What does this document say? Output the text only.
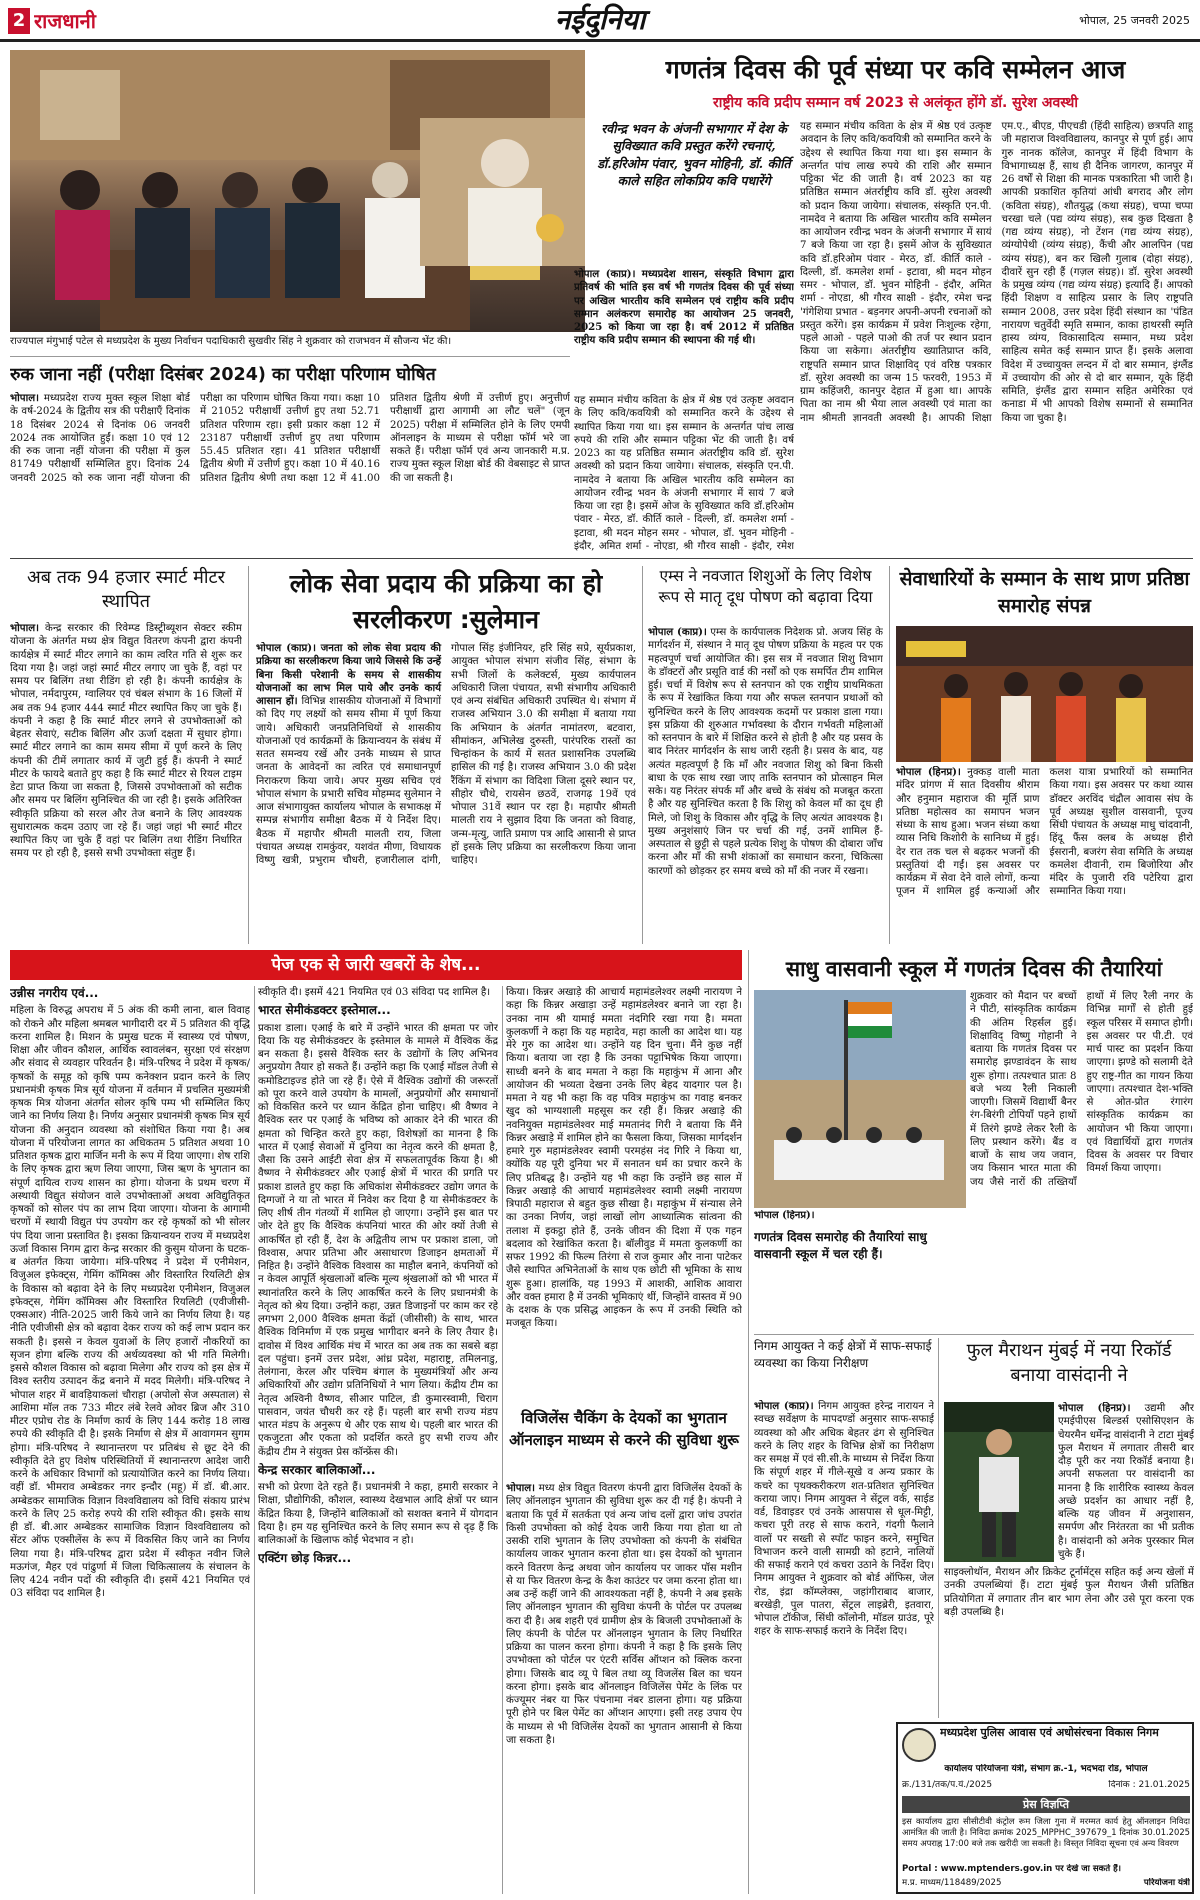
2 राजधानी	नईदुनिया	भोपाल, 25 जनवरी 2025
राज्यपाल मंगुभाई पटेल से मध्यप्रदेश के मुख्य निर्वाचन पदाधिकारी सुखवीर सिंह ने शुक्रवार को राजभवन में सौजन्य भेंट की।
गणतंत्र दिवस की पूर्व संध्या पर कवि सम्मेलन आज
राष्ट्रीय कवि प्रदीप सम्मान वर्ष 2023 से अलंकृत होंगे डॉ. सुरेश अवस्थी
रवीन्द्र भवन के अंजनी सभागार में देश के सुविख्यात कवि प्रस्तुत करेंगे रचनाएं, डॉ.हरिओम पंवार, भुवन मोहिनी, डॉ. कीर्ति काले सहित लोकप्रिय कवि पधारेंगे
भोपाल (काप्र)। मध्यप्रदेश शासन, संस्कृति विभाग द्वारा प्रतिवर्ष की भांति इस वर्ष भी गणतंत्र दिवस की पूर्व संध्या पर अखिल भारतीय कवि सम्मेलन एवं राष्ट्रीय कवि प्रदीप सम्मान अलंकरण समारोह का आयोजन 25 जनवरी, 2025 को किया जा रहा है। वर्ष 2012 में प्रतिष्ठित राष्ट्रीय कवि प्रदीप सम्मान की स्थापना की गई थी।
यह सम्मान मंचीय कविता के क्षेत्र में श्रेष्ठ एवं उत्कृष्ट अवदान के लिए कवि/कवयित्री को सम्मानित करने के उद्देश्य से स्थापित किया गया था। इस सम्मान के अन्तर्गत पांच लाख रुपये की राशि और सम्मान पट्टिका भेंट की जाती है। वर्ष 2023 का यह प्रतिष्ठित सम्मान अंतर्राष्ट्रीय कवि डॉ. सुरेश अवस्थी को प्रदान किया जायेगा। संचालक, संस्कृति एन.पी. नामदेव ने बताया कि अखिल भारतीय कवि सम्मेलन का आयोजन रवीन्द्र भवन के अंजनी सभागार में सायं 7 बजे किया जा रहा है। इसमें ओज के सुविख्यात कवि डॉ.हरिओम पंवार - मेरठ, डॉ. कीर्ति काले - दिल्ली, डॉ. कमलेश शर्मा - इटावा, श्री मदन मोहन समर - भोपाल, डॉ. भुवन मोहिनी - इंदौर, अमित शर्मा - नोएडा, श्री गौरव साक्षी - इंदौर, रमेश
यह सम्मान मंचीय कविता के क्षेत्र में श्रेष्ठ एवं उत्कृष्ट अवदान के लिए कवि/कवयित्री को सम्मानित करने के उद्देश्य से स्थापित किया गया था। इस सम्मान के अन्तर्गत पांच लाख रुपये की राशि और सम्मान पट्टिका भेंट की जाती है। वर्ष 2023 का यह प्रतिष्ठित सम्मान अंतर्राष्ट्रीय कवि डॉ. सुरेश अवस्थी को प्रदान किया जायेगा। संचालक, संस्कृति एन.पी. नामदेव ने बताया कि अखिल भारतीय कवि सम्मेलन का आयोजन रवीन्द्र भवन के अंजनी सभागार में सायं 7 बजे किया जा रहा है। इसमें ओज के सुविख्यात कवि डॉ.हरिओम पंवार - मेरठ, डॉ. कीर्ति काले - दिल्ली, डॉ. कमलेश शर्मा - इटावा, श्री मदन मोहन समर - भोपाल, डॉ. भुवन मोहिनी - इंदौर, अमित शर्मा - नोएडा, श्री गौरव साक्षी - इंदौर, रमेश चन्द्र 'गंगेशिया प्रभात - बड़नगर अपनी-अपनी रचनाओं को प्रस्तुत करेंगे। इस कार्यक्रम में प्रवेश निःशुल्क रहेगा, पहले आओ - पहले पाओ की तर्ज पर स्थान प्रदान किया जा सकेगा। अंतर्राष्ट्रीय ख्यातिप्राप्त कवि, राष्ट्रपति सम्मान प्राप्त शिक्षाविद् एवं वरिष्ठ पत्रकार डॉ. सुरेश अवस्थी का जन्म 15 फरवरी, 1953 में ग्राम कहिंजरी, कानपुर देहात में हुआ था। आपके पिता का नाम श्री भैया लाल अवस्थी एवं माता का नाम श्रीमती ज्ञानवती अवस्थी है। आपकी शिक्षा एम.ए., बीएड, पीएचडी (हिंदी साहित्य) छत्रपति शाहू जी महाराज विश्वविद्यालय, कानपुर से पूर्ण हुई। आप गुरु नानक कॉलेज, कानपुर में हिंदी विभाग के विभागाध्यक्ष हैं, साथ ही दैनिक जागरण, कानपुर में 26 वर्षों से शिक्षा की मानक पत्रकारिता भी जारी है। आपकी प्रकाशित कृतियां आंधी बगराद और लोग (कविता संग्रह), शौतयुद्ध (कथा संग्रह), चप्पा चप्पा चरखा चले (पद्य व्यंग्य संग्रह), सब कुछ दिखता है (गद्य व्यंग्य संग्रह), नो टेंशन (गद्य व्यंग्य संग्रह), व्यंग्योपेथी (व्यंग्य संग्रह), कैंची और आलपिन (पद्य व्यंग्य संग्रह), बन कर खिलौ गुलाब (दोहा संग्रह), दीवारें सुन रही हैं (गज़ल संग्रह)। डॉ. सुरेश अवस्थी के प्रमुख व्यंग्य (गद्य व्यंग्य संग्रह) इत्यादि हैं। आपको हिंदी शिक्षण व साहित्य प्रसार के लिए राष्ट्रपति सम्मान 2008, उत्तर प्रदेश हिंदी संस्थान का 'पंडित नारायण चतुर्वेदी स्मृति सम्मान, काका हाथरसी स्मृति हास्य व्यंग्य, विकासादित्य सम्मान, मध्य प्रदेश साहित्य समेत कई सम्मान प्राप्त हैं। इसके अलावा विदेश में उच्चायुक्त लन्दन में दो बार सम्मान, इंग्लैंड में उच्चायोग की ओर से दो बार सम्मान, यूके हिंदी समिति, इंग्लैंड द्वारा सम्मान सहित अमेरिका एवं कनाडा में भी आपको विशेष सम्मानों से सम्मानित किया जा चुका है।
रुक जाना नहीं (परीक्षा दिसंबर 2024) का परीक्षा परिणाम घोषित
भोपाल। मध्यप्रदेश राज्य मुक्त स्कूल शिक्षा बोर्ड के वर्ष-2024 के द्वितीय सत्र की परीक्षाएँ दिनांक 18 दिसंबर 2024 से दिनांक 06 जनवरी 2024 तक आयोजित हुईं। कक्षा 10 एवं 12 की रुक जाना नहीं योजना की परीक्षा में कुल 81749 परीक्षार्थी सम्मिलित हुए। दिनांक 24 जनवरी 2025 को रुक जाना नहीं योजना की परीक्षा का परिणाम घोषित किया गया। कक्षा 10 में 21052 परीक्षार्थी उत्तीर्ण हुए तथा 52.71 प्रतिशत परिणाम रहा। इसी प्रकार कक्षा 12 में 23187 परीक्षार्थी उत्तीर्ण हुए तथा परिणाम 55.45 प्रतिशत रहा। 41 प्रतिशत परीक्षार्थी द्वितीय श्रेणी में उत्तीर्ण हुए। कक्षा 10 में 40.16 प्रतिशत द्वितीय श्रेणी तथा कक्षा 12 में 41.00 प्रतिशत द्वितीय श्रेणी में उत्तीर्ण हुए। अनुत्तीर्ण परीक्षार्थी द्वारा आगामी आ लौट चलें" (जून 2025) परीक्षा में सम्मिलित होने के लिए एमपी ऑनलाइन के माध्यम से परीक्षा फॉर्म भरे जा सकते हैं। परीक्षा फॉर्म एवं अन्य जानकारी म.प्र. राज्य मुक्त स्कूल शिक्षा बोर्ड की वेबसाइट से प्राप्त की जा सकती है।
अब तक 94 हजार स्मार्ट मीटर स्थापित
भोपाल। केन्द्र सरकार की रिवेम्प्ड डिस्ट्रीब्यूशन सेक्टर स्कीम योजना के अंतर्गत मध्य क्षेत्र विद्युत वितरण कंपनी द्वारा कंपनी कार्यक्षेत्र में स्मार्ट मीटर लगाने का काम त्वरित गति से शुरू कर दिया गया है। जहां जहां स्मार्ट मीटर लगाए जा चुके हैं, वहां पर समय पर बिलिंग तथा रीडिंग हो रही है। कंपनी कार्यक्षेत्र के भोपाल, नर्मदापुरम, ग्वालियर एवं चंबल संभाग के 16 जिलों में अब तक 94 हजार 444 स्मार्ट मीटर स्थापित किए जा चुके हैं। कंपनी ने कहा है कि स्मार्ट मीटर लगने से उपभोक्ताओं को बेहतर सेवाएं, सटीक बिलिंग और ऊर्जा दक्षता में सुधार होगा। स्मार्ट मीटर लगाने का काम समय सीमा में पूर्ण करने के लिए कंपनी की टीमें लगातार कार्य में जुटी हुई हैं। कंपनी ने स्मार्ट मीटर के फायदे बताते हुए कहा है कि स्मार्ट मीटर से रियल टाइम डेटा प्राप्त किया जा सकता है, जिससे उपभोक्ताओं को सटीक और समय पर बिलिंग सुनिश्चित की जा रही है। इसके अतिरिक्त स्वीकृति प्रक्रिया को सरल और तेज बनाने के लिए आवश्यक सुधारात्मक कदम उठाए जा रहे हैं। जहां जहां भी स्मार्ट मीटर स्थापित किए जा चुके हैं वहां पर बिलिंग तथा रीडिंग निर्धारित समय पर हो रही है, इससे सभी उपभोक्ता संतुष्ट हैं।
लोक सेवा प्रदाय की प्रक्रिया का हो सरलीकरण :सुलेमान
भोपाल (काप्र)। जनता को लोक सेवा प्रदाय की प्रक्रिया का सरलीकरण किया जाये जिससे कि उन्हें बिना किसी परेशानी के समय से शासकीय योजनाओं का लाभ मिल पाये और उनके कार्य आसान हों। विभिन्न शासकीय योजनाओं में विभागों को दिए गए लक्ष्यों को समय सीमा में पूर्ण किया जाये। अधिकारी जनप्रतिनिधियों से शासकीय योजनाओं एवं कार्यक्रमों के क्रियान्वयन के संबंध में सतत समन्वय रखें और उनके माध्यम से प्राप्त जनता के आवेदनों का त्वरित एवं समाधानपूर्ण निराकरण किया जाये। अपर मुख्य सचिव एवं भोपाल संभाग के प्रभारी सचिव मोहम्मद सुलेमान ने आज संभागायुक्त कार्यालय भोपाल के सभाकक्ष में सम्पन्न संभागीय समीक्षा बैठक में ये निर्देश दिए। बैठक में महापौर श्रीमती मालती राय, जिला पंचायत अध्यक्ष रामकुंवर, यशवंत मीणा, विधायक विष्णु खत्री, प्रभुराम चौधरी, हजारीलाल दांगी, गोपाल सिंह इंजीनियर, हरि सिंह सप्रे, सूर्यप्रकाश, आयुक्त भोपाल संभाग संजीव सिंह, संभाग के सभी जिलों के कलेक्टर्स, मुख्य कार्यपालन अधिकारी जिला पंचायत, सभी संभागीय अधिकारी एवं अन्य संबंधित अधिकारी उपस्थित थे। संभाग में राजस्व अभियान 3.0 की समीक्षा में बताया गया कि अभियान के अंतर्गत नामांतरण, बटवारा, सीमांकन, अभिलेख दुरुस्ती, पारंपरिक रास्तों का चिन्हांकन के कार्य में सतत प्रशासनिक उपलब्धि हासिल की गई है। राजस्व अभियान 3.0 की प्रदेश रैंकिंग में संभाग का विदिशा जिला दूसरे स्थान पर, सीहोर चौथे, रायसेन छठवें, राजगढ़ 19वें एवं भोपाल 31वें स्थान पर रहा है। महापौर श्रीमती मालती राय ने सुझाव दिया कि जनता को विवाह, जन्म-मृत्यु, जाति प्रमाण पत्र आदि आसानी से प्राप्त हों इसके लिए प्रक्रिया का सरलीकरण किया जाना चाहिए।
एम्स ने नवजात शिशुओं के लिए विशेष रूप से मातृ दूध पोषण को बढ़ावा दिया
भोपाल (काप्र)। एम्स के कार्यपालक निदेशक प्रो. अजय सिंह के मार्गदर्शन में, संस्थान ने मातृ दूध पोषण प्रक्रिया के महत्व पर एक महत्वपूर्ण चर्चा आयोजित की। इस सत्र में नवजात शिशु विभाग के डॉक्टरों और प्रसूति वार्ड की नर्सों को एक समर्पित टीम शामिल हुई। चर्चा में विशेष रूप से स्तनपान को एक राष्ट्रीय प्राथमिकता के रूप में रेखांकित किया गया और सफल स्तनपान प्रथाओं को सुनिश्चित करने के लिए आवश्यक कदमों पर प्रकाश डाला गया। इस प्रक्रिया की शुरुआत गर्भावस्था के दौरान गर्भवती महिलाओं को स्तनपान के बारे में शिक्षित करने से होती है और यह प्रसव के बाद निरंतर मार्गदर्शन के साथ जारी रहती है। प्रसव के बाद, यह अत्यंत महत्वपूर्ण है कि माँ और नवजात शिशु को बिना किसी बाधा के एक साथ रखा जाए ताकि स्तनपान को प्रोत्साहन मिल सके। यह निरंतर संपर्क माँ और बच्चे के संबंध को मजबूत करता है और यह सुनिश्चित करता है कि शिशु को केवल माँ का दूध ही मिले, जो शिशु के विकास और वृद्धि के लिए अत्यंत आवश्यक है। मुख्य अनुशंसाएं जिन पर चर्चा की गई, उनमें शामिल हैं- अस्पताल से छुट्टी से पहले प्रत्येक शिशु के पोषण की दोबारा जाँच करना और माँ की सभी शंकाओं का समाधान करना, चिकित्सा कारणों को छोड़कर हर समय बच्चे को माँ की नजर में रखना।
सेवाधारियों के सम्मान के साथ प्राण प्रतिष्ठा समारोह संपन्न
भोपाल (हिनप्र)। नुक्कड़ वाली माता मंदिर प्रांगण में सात दिवसीय श्रीराम और हनुमान महाराज की मूर्ति प्राण प्रतिष्ठा महोत्सव का समापन भजन संध्या के साथ हुआ। भजन संध्या कथा व्यास निधि किशोरी के सानिध्य में हुई। देर रात तक चल से बढ़कर भजनों की प्रस्तुतियां दी गईं। इस अवसर पर कार्यक्रम में सेवा देने वाले लोगों, कन्या पूजन में शामिल हुई कन्याओं और कलश यात्रा प्रभारियों को सम्मानित किया गया। इस अवसर पर कथा व्यास डॉक्टर अरविंद चंद्रौल आवास संघ के पूर्व अध्यक्ष सुशील वासवानी, पूज्य सिंधी पंचायत के अध्यक्ष माधु चांदवानी, हिंदू फैंस क्लब के अध्यक्ष हीरो ईसरानी, बजरंग सेवा समिति के अध्यक्ष कमलेश दीवानी, राम बिजोरिया और मंदिर के पुजारी रवि पटेरिया द्वारा सम्मानित किया गया।
पेज एक से जारी खबरों के शेष...
उन्नीस नगरीय एवं...
महिला के विरुद्ध अपराध में 5 अंक की कमी लाना, बाल विवाह को रोकने और महिला श्रमबल भागीदारी दर में 5 प्रतिशत की वृद्धि करना शामिल है। मिशन के प्रमुख घटक में स्वास्थ्य एवं पोषण, शिक्षा और जीवन कौशल, आर्थिक स्वावलंबन, सुरक्षा एवं संरक्षण और संवाद से व्यवहार परिवर्तन है। मंत्रि-परिषद ने प्रदेश में कृषक/कृषकों के समूह को कृषि पम्प कनेक्शन प्रदान करने के लिए प्रधानमंत्री कृषक मित्र सूर्य योजना में वर्तमान में प्रचलित मुख्यमंत्री कृषक मित्र योजना अंतर्गत सोलर कृषि पम्प भी सम्मिलित किए जाने का निर्णय लिया है। निर्णय अनुसार प्रधानमंत्री कृषक मित्र सूर्य योजना की अनुदान व्यवस्था को संशोधित किया गया है। अब योजना में परियोजना लागत का अधिकतम 5 प्रतिशत अथवा 10 प्रतिशत कृषक द्वारा मार्जिन मनी के रूप में दिया जाएगा। शेष राशि के लिए कृषक द्वारा ऋण लिया जाएगा, जिस ऋण के भुगतान का संपूर्ण दायित्व राज्य शासन का होगा। योजना के प्रथम चरण में अस्थायी विद्युत संयोजन वाले उपभोक्ताओं अथवा अविद्युतिकृत कृषकों को सोलर पंप का लाभ दिया जाएगा। योजना के आगामी चरणों में स्थायी विद्युत पंप उपयोग कर रहे कृषकों को भी सोलर पंप दिया जाना प्रस्तावित है। इसका क्रियान्वयन राज्य में मध्यप्रदेश ऊर्जा विकास निगम द्वारा केन्द्र सरकार की कुसुम योजना के घटक-ब अंतर्गत किया जायेगा। मंत्रि-परिषद ने प्रदेश में एनीमेशन, विजुअल इफेक्ट्स, गेमिंग कॉमिक्स और विस्तारित रियलिटी क्षेत्र के विकास को बढ़ावा देने के लिए मध्यप्रदेश एनीमेशन, विजुअल इफेक्ट्स, गेमिंग कॉमिक्स और विस्तारित रियलिटी (एवीजीसी-एक्सआर) नीति-2025 जारी किये जाने का निर्णय लिया है। यह नीति एवीजीसी क्षेत्र को बढ़ावा देकर राज्य को कई लाभ प्रदान कर सकती है। इससे न केवल युवाओं के लिए हजारों नौकरियों का सृजन होगा बल्कि राज्य की अर्थव्यवस्था को भी गति मिलेगी। इससे कौशल विकास को बढ़ावा मिलेगा और राज्य को इस क्षेत्र में विश्व स्तरीय उत्पादन केंद्र बनाने में मदद मिलेगी। मंत्रि-परिषद ने भोपाल शहर में बावड़ियाकलां चौराहा (अपोलो सेज अस्पताल) से आशिमा मॉल तक 733 मीटर लंबे रेलवे ओवर ब्रिज और 310 मीटर एप्रोच रोड के निर्माण कार्य के लिए 144 करोड़ 18 लाख रुपये की स्वीकृति दी है। इसके निर्माण से क्षेत्र में आवागमन सुगम होगा। मंत्रि-परिषद ने स्थानान्तरण पर प्रतिबंध से छूट देने की स्वीकृति देते हुए विशेष परिस्थितियों में स्थानान्तरण आदेश जारी करने के अधिकार विभागों को प्रत्यायोजित करने का निर्णय लिया। वहीं डॉ. भीमराव अम्बेडकर नगर इन्दौर (महू) में डॉ. बी.आर. अम्बेडकर सामाजिक विज्ञान विश्वविद्यालय को विधि संकाय प्रारंभ करने के लिए 25 करोड़ रुपये की राशि स्वीकृत की। इसके साथ ही डॉ. बी.आर अम्बेडकर सामाजिक विज्ञान विश्वविद्यालय को सेंटर ऑफ एक्सीलेंस के रूप में विकसित किए जाने का निर्णय लिया गया है। मंत्रि-परिषद द्वारा प्रदेश में स्वीकृत नवीन जिले मऊगंज, मैहर एवं पांढुर्णा में जिला चिकित्सालय के संचालन के लिए 424 नवीन पदों की स्वीकृति दी। इसमें 421 नियमित एवं 03 संविदा पद शामिल है।
स्वीकृति दी। इसमें 421 नियमित एवं 03 संविदा पद शामिल है।
भारत सेमीकंडक्टर इस्तेमाल...
प्रकाश डाला। एआई के बारे में उन्होंने भारत की क्षमता पर जोर दिया कि यह सेमीकंडक्टर के इस्तेमाल के मामले में वैश्विक केंद्र बन सकता है। इससे वैश्विक स्तर के उद्योगों के लिए अभिनव अनुप्रयोग तैयार हो सकते हैं। उन्होंने कहा कि एआई मॉडल तेजी से कमोडिटाइज्ड होते जा रहे हैं। ऐसे में वैश्विक उद्योगों की जरूरतों को पूरा करने वाले उपयोग के मामलों, अनुप्रयोगों और समाधानों को विकसित करने पर ध्यान केंद्रित होना चाहिए। श्री वैष्णव ने वैश्विक स्तर पर एआई के भविष्य को आकार देने की भारत की क्षमता को चिन्हित करते हुए कहा, विशेषज्ञों का मानना है कि भारत में एआई सेवाओं में दुनिया का नेतृत्व करने की क्षमता है, जैसा कि उसने आईटी सेवा क्षेत्र में सफलतापूर्वक किया है। श्री वैष्णव ने सेमीकंडक्टर और एआई क्षेत्रों में भारत की प्रगति पर प्रकाश डालते हुए कहा कि अधिकांश सेमीकंडक्टर उद्योग जगत के दिग्गजों ने या तो भारत में निवेश कर दिया है या सेमीकंडक्टर के लिए शीर्ष तीन गंतव्यों में शामिल हो जाएगा। उन्होंने इस बात पर जोर देते हुए कि वैश्विक कंपनियां भारत की ओर क्यों तेजी से आकर्षित हो रही हैं, देश के अद्वितीय लाभ पर प्रकाश डाला, जो विश्वास, अपार प्रतिभा और असाधारण डिजाइन क्षमताओं में निहित है। उन्होंने वैश्विक विश्वास का माहौल बनाने, कंपनियों को न केवल आपूर्ति श्रृंखलाओं बल्कि मूल्य श्रृंखलाओं को भी भारत में स्थानांतरित करने के लिए आकर्षित करने के लिए प्रधानमंत्री के नेतृत्व को श्रेय दिया। उन्होंने कहा, उन्नत डिजाइनों पर काम कर रहे लगभग 2,000 वैश्विक क्षमता केंद्रों (जीसीसी) के साथ, भारत वैश्विक विनिर्माण में एक प्रमुख भागीदार बनने के लिए तैयार है। दावोस में विश्व आर्थिक मंच में भारत का अब तक का सबसे बड़ा दल पहुंचा। इनमें उत्तर प्रदेश, आंध्र प्रदेश, महाराष्ट्र, तमिलनाडु, तेलंगाना, केरल और पश्चिम बंगाल के मुख्यमंत्रियों और अन्य अधिकारियों और उद्योग प्रतिनिधियों ने भाग लिया। केंद्रीय टीम का नेतृत्व अश्विनी वैष्णव, सीआर पाटिल, डी कुमारस्वामी, चिराग पासवान, जयंत चौधरी कर रहे हैं। पहली बार सभी राज्य मंडप भारत मंडप के अनुरूप थे और एक साथ थे। पहली बार भारत की एकजुटता और एकता को प्रदर्शित करते हुए सभी राज्य और केंद्रीय टीम ने संयुक्त प्रेस कॉन्फ्रेंस की।
केन्द्र सरकार बालिकाओं...
सभी को प्रेरणा देते रहते हैं। प्रधानमंत्री ने कहा, हमारी सरकार ने शिक्षा, प्रौद्योगिकी, कौशल, स्वास्थ्य देखभाल आदि क्षेत्रों पर ध्यान केंद्रित किया है, जिन्होंने बालिकाओं को सशक्त बनाने में योगदान दिया है। हम यह सुनिश्चित करने के लिए समान रूप से दृढ़ हैं कि बालिकाओं के खिलाफ कोई भेदभाव न हो।
एक्टिंग छोड़ किन्नर...
किया। किन्नर अखाड़े की आचार्य महामंडलेश्वर लक्ष्मी नारायण ने कहा कि किन्नर अखाड़ा उन्हें महामंडलेश्वर बनाने जा रहा है। उनका नाम श्री यामाई ममता नंदगिरि रखा गया है। ममता कुलकर्णी ने कहा कि यह महादेव, महा काली का आदेश था। यह मेरे गुरु का आदेश था। उन्होंने यह दिन चुना। मैंने कुछ नहीं किया। बताया जा रहा है कि उनका पट्टाभिषेक किया जाएगा। साध्वी बनने के बाद ममता ने कहा कि महाकुंभ में आना और आयोजन की भव्यता देखना उनके लिए बेहद यादगार पल है। ममता ने यह भी कहा कि वह पवित्र महाकुंभ का गवाह बनकर खुद को भाग्यशाली महसूस कर रही हैं। किन्नर अखाड़े की नवनियुक्त महामंडलेश्वर माई ममतानंद गिरी ने बताया कि मैंने किन्नर अखाड़े में शामिल होने का फैसला किया, जिसका मार्गदर्शन हमारे गुरु महामंडलेश्वर स्वामी परमहंस नंद गिरि ने किया था, क्योंकि यह पूरी दुनिया भर में सनातन धर्म का प्रचार करने के लिए प्रतिबद्ध है। उन्होंने यह भी कहा कि उन्होंने छह साल में किन्नर अखाड़े की आचार्य महामंडलेश्वर स्वामी लक्ष्मी नारायण त्रिपाठी महाराज से बहुत कुछ सीखा है। महाकुंभ में संन्यास लेने का उनका निर्णय, जहां लाखों लोग आध्यात्मिक सांत्वना की तलाश में इकट्ठा होते हैं, उनके जीवन की दिशा में एक गहन बदलाव को रेखांकित करता है। बॉलीवुड में ममता कुलकर्णी का सफर 1992 की फिल्म तिरंगा से राज कुमार और नाना पाटेकर जैसे स्थापित अभिनेताओं के साथ एक छोटी सी भूमिका के साथ शुरू हुआ। हालांकि, यह 1993 में आशकी, आशिक आवारा और वक्त हमारा है में उनकी भूमिकाएं थीं, जिन्होंने वास्तव में 90 के दशक के एक प्रसिद्ध आइकन के रूप में उनकी स्थिति को मजबूत किया।
विजिलेंस चैकिंग के देयकों का भुगतान ऑनलाइन माध्यम से करने की सुविधा शुरू
भोपाल। मध्य क्षेत्र विद्युत वितरण कंपनी द्वारा विजिलेंस देयकों के लिए ऑनलाइन भुगतान की सुविधा शुरू कर दी गई है। कंपनी ने बताया कि पूर्व में सतर्कता एवं अन्य जांच दलों द्वारा जांच उपरांत किसी उपभोक्ता को कोई देयक जारी किया गया होता था तो उसकी राशि भुगतान के लिए उपभोक्ता को कंपनी के संबंधित कार्यालय जाकर भुगतान करना होता था। इस देयकों को भुगतान करने वितरण केन्द्र अथवा जोन कार्यालय पर जाकर पॉस मशीन से या फिर वितरण केन्द्र के कैश काउंटर पर जमा करना होता था। अब उन्हें कहीं जाने की आवश्यकता नहीं है, कंपनी ने अब इसके लिए ऑनलाइन भुगतान की सुविधा कंपनी के पोर्टल पर उपलब्ध करा दी है। अब शहरी एवं ग्रामीण क्षेत्र के बिजली उपभोक्ताओं के लिए कंपनी के पोर्टल पर ऑनलाइन भुगतान के लिए निर्धारित प्रक्रिया का पालन करना होगा। कंपनी ने कहा है कि इसके लिए उपभोक्ता को पोर्टल पर एंटरी सर्विस ऑप्शन को क्लिक करना होगा। जिसके बाद व्यू पे बिल तथा व्यू विजलेंस बिल का चयन करना होगा। इसके बाद ऑनलाइन विजिलेंस पेमेंट के लिंक पर कंज्यूमर नंबर या फिर पंचनामा नंबर डालना होगा। यह प्रक्रिया पूरी होने पर बिल पेमेंट का ऑप्शन आएगा। इसी तरह उपाय ऐप के माध्यम से भी विजिलेंस देयकों का भुगतान आसानी से किया जा सकता है।
साधु वासवानी स्कूल में गणतंत्र दिवस की तैयारियां
भोपाल (हिनप्र)।
गणतंत्र दिवस समारोह की तैयारियां साधु वासवानी स्कूल में चल रही हैं।
शुक्रवार को मैदान पर बच्चों ने पीटी, सांस्कृतिक कार्यक्रम की अंतिम रिहर्सल हुई। शिक्षाविद् विष्णु गोहानी ने बताया कि गणतंत्र दिवस पर समारोह झण्डावंदन के साथ शुरू होगा। तत्पश्चात प्रातः 8 बजे भव्य रैली निकाली जाएगी। जिसमें विद्यार्थी बैनर रंग-बिरंगी टोपियाँ पहने हाथों में तिरंगे झण्डे लेकर रैली के लिए प्रस्थान करेंगे। बैंड व बाजों के साथ जय जवान, जय किसान भारत माता की जय जैसे नारों की तख्तियाँ हाथों में लिए रैली नगर के विभिन्न मार्गों से होती हुई स्कूल परिसर में समाप्त होगी। इस अवसर पर पी.टी. एवं मार्च पास्ट का प्रदर्शन किया जाएगा। झण्डे को सलामी देते हुए राष्ट्र-गीत का गायन किया जाएगा। तत्पश्चात देश-भक्ति से ओत-प्रोत रंगारंग सांस्कृतिक कार्यक्रम का आयोजन भी किया जाएगा। एवं विद्यार्थियों द्वारा गणतंत्र दिवस के अवसर पर विचार विमर्श किया जाएगा।
निगम आयुक्त ने कई क्षेत्रों में साफ-सफाई व्यवस्था का किया निरीक्षण
भोपाल (काप्र)। निगम आयुक्त हरेन्द्र नारायन ने स्वच्छ सर्वेक्षण के मापदण्डों अनुसार साफ-सफाई व्यवस्था को और अधिक बेहतर ढंग से सुनिश्चित करने के लिए शहर के विभिन्न क्षेत्रों का निरीक्षण कर समक्ष में एवं सी.सी.के माध्यम से निर्देश किया कि संपूर्ण शहर में गीले-सूखे व अन्य प्रकार के कचरे का पृथक्करीकरण शत-प्रतिशत सुनिश्चित कराया जाए। निगम आयुक्त ने सेंट्रल वर्क, साईड वर्ड, डिवाइडर एवं उनके आसपास से धूल-मिट्टी, कचरा पूरी तरह से साफ कराने, गंदगी फैलाने वालों पर सख्ती से स्पॉट फाइन करने, समुचित विभाजन करने वाली सामग्री को हटाने, नालियों की सफाई कराने एवं कचरा उठाने के निर्देश दिए। निगम आयुक्त ने शुक्रवार को बोर्ड ऑफिस, जेल रोड, इंद्रा कॉम्प्लेक्स, जहांगीराबाद बाजार, बरखेड़ी, पुल पातरा, सेंट्रल लाइब्रेरी, इतवारा, भोपाल टॉकीज, सिंधी कॉलोनी, मॉडल ग्राउंड, पूरे शहर के साफ-सफाई कराने के निर्देश दिए।
फुल मैराथन मुंबई में नया रिकॉर्ड बनाया वासंदानी ने
भोपाल (हिनप्र)। उद्यमी और एमईपीएस बिल्डर्स एसोसिएशन के चेयरमैन धर्मेन्द्र वासंदानी ने टाटा मुंबई फुल मैराथन में लगातार तीसरी बार दौड़ पूरी कर नया रिकॉर्ड बनाया है। अपनी सफलता पर वासंदानी का मानना है कि शारीरिक स्वास्थ्य केवल अच्छे प्रदर्शन का आधार नहीं है, बल्कि यह जीवन में अनुशासन, समर्पण और निरंतरता का भी प्रतीक है। वासंदानी को अनेक पुरस्कार मिल चुके हैं।
साइक्लोथॉन, मैराथन और क्रिकेट टूर्नामेंट्स सहित कई अन्य खेलों में उनकी उपलब्धियां हैं। टाटा मुंबई फुल मैराथन जैसी प्रतिष्ठित प्रतियोगिता में लगातार तीन बार भाग लेना और उसे पूरा करना एक बड़ी उपलब्धि है।
मध्यप्रदेश पुलिस आवास एवं अधोसंरचना विकास निगम
कार्यालय परियोजना यंत्री, संभाग क्र.-1, भदभदा रोड, भोपाल
क्र./131/तक/प.यं./2025	दिनांक : 21.01.2025
प्रेस विज्ञप्ति
इस कार्यालय द्वारा सीसीटीवी कंट्रोल रूम जिला गुना में मरम्मत कार्य हेतु ऑनलाइन निविदा आमंत्रित की जाती है। निविदा क्रमांक 2025_MPPHC_397679_1 दिनांक 30.01.2025 समय अपराह्न 17:00 बजे तक खरीदी जा सकती है। विस्तृत निविदा सूचना एवं अन्य विवरण
Portal : www.mptenders.gov.in पर देखे जा सकते हैं।
म.प्र. माध्यम/118489/2025	परियोजना यंत्री
